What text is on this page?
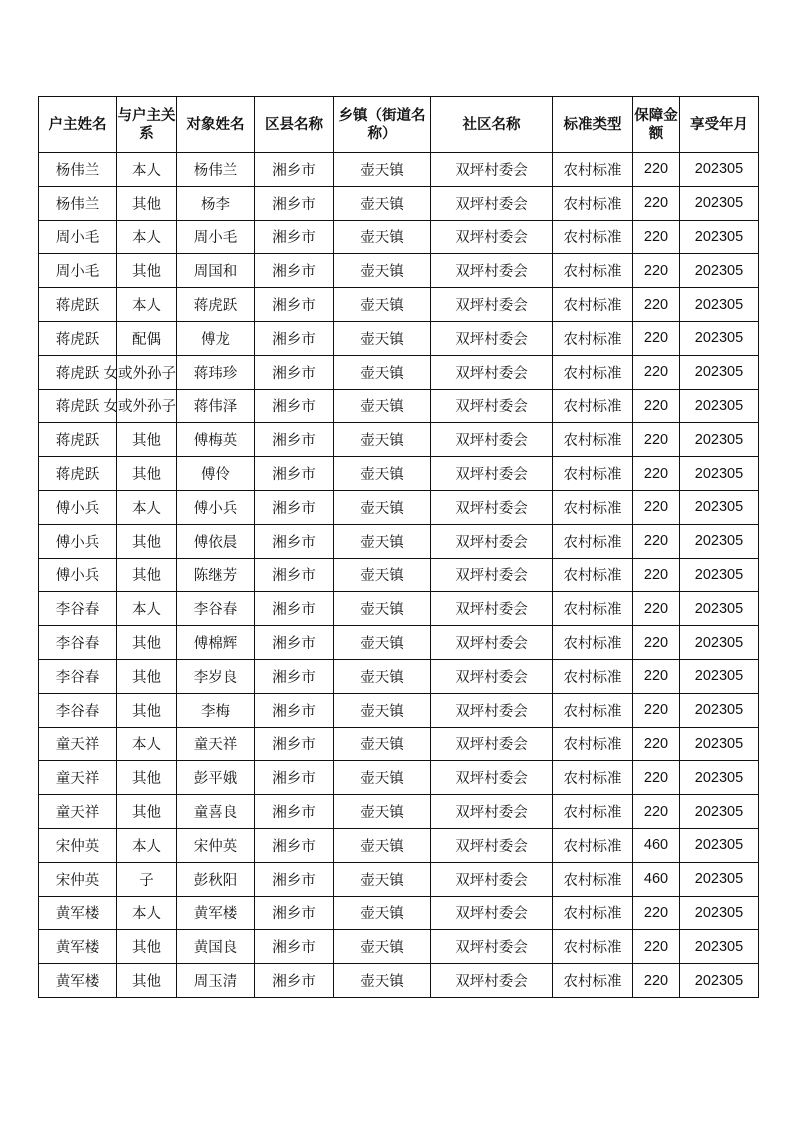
户主姓名	与户主关系	对象姓名	区县名称	乡镇（街道名称）	社区名称	标准类型	保障金额	享受年月
杨伟兰	本人	杨伟兰	湘乡市	壶天镇	双坪村委会	农村标准	220	202305
杨伟兰	其他	杨李	湘乡市	壶天镇	双坪村委会	农村标准	220	202305
周小毛	本人	周小毛	湘乡市	壶天镇	双坪村委会	农村标准	220	202305
周小毛	其他	周国和	湘乡市	壶天镇	双坪村委会	农村标准	220	202305
蒋虎跃	本人	蒋虎跃	湘乡市	壶天镇	双坪村委会	农村标准	220	202305
蒋虎跃	配偶	傅龙	湘乡市	壶天镇	双坪村委会	农村标准	220	202305
蒋虎跃	女或外孙子	蒋玮珍	湘乡市	壶天镇	双坪村委会	农村标准	220	202305
蒋虎跃	女或外孙子	蒋伟泽	湘乡市	壶天镇	双坪村委会	农村标准	220	202305
蒋虎跃	其他	傅梅英	湘乡市	壶天镇	双坪村委会	农村标准	220	202305
蒋虎跃	其他	傅伶	湘乡市	壶天镇	双坪村委会	农村标准	220	202305
傅小兵	本人	傅小兵	湘乡市	壶天镇	双坪村委会	农村标准	220	202305
傅小兵	其他	傅依晨	湘乡市	壶天镇	双坪村委会	农村标准	220	202305
傅小兵	其他	陈继芳	湘乡市	壶天镇	双坪村委会	农村标准	220	202305
李谷春	本人	李谷春	湘乡市	壶天镇	双坪村委会	农村标准	220	202305
李谷春	其他	傅棉辉	湘乡市	壶天镇	双坪村委会	农村标准	220	202305
李谷春	其他	李岁良	湘乡市	壶天镇	双坪村委会	农村标准	220	202305
李谷春	其他	李梅	湘乡市	壶天镇	双坪村委会	农村标准	220	202305
童天祥	本人	童天祥	湘乡市	壶天镇	双坪村委会	农村标准	220	202305
童天祥	其他	彭平娥	湘乡市	壶天镇	双坪村委会	农村标准	220	202305
童天祥	其他	童喜良	湘乡市	壶天镇	双坪村委会	农村标准	220	202305
宋仲英	本人	宋仲英	湘乡市	壶天镇	双坪村委会	农村标准	460	202305
宋仲英	子	彭秋阳	湘乡市	壶天镇	双坪村委会	农村标准	460	202305
黄军楼	本人	黄军楼	湘乡市	壶天镇	双坪村委会	农村标准	220	202305
黄军楼	其他	黄国良	湘乡市	壶天镇	双坪村委会	农村标准	220	202305
黄军楼	其他	周玉清	湘乡市	壶天镇	双坪村委会	农村标准	220	202305
